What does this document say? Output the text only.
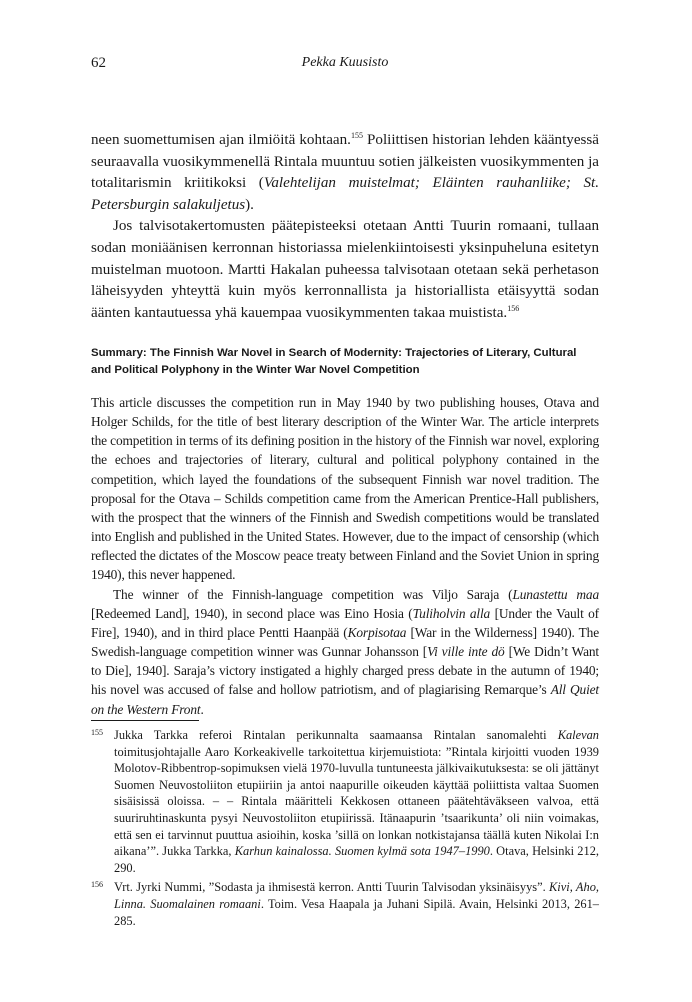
62	Pekka Kuusisto

neen suomettumisen ajan ilmiöitä kohtaan.$^{155}$ Poliittisen historian lehden kääntyessä seuraavalla vuosikymmenellä Rintala muuntuu sotien jälkeisten vuosikymmenten ja totalitarismin kriitikoksi (Valehtelijan muistelmat; Eläinten rauhanliike; St. Petersburgin salakuljetus).

Jos talvisotakertomusten päätepisteeksi otetaan Antti Tuurin romaani, tullaan sodan moniäänisen kerronnan historiassa mielenkiintoisesti yksinpuheluna esitetyn muistelman muotoon. Martti Hakalan puheessa talvisotaan otetaan sekä perhetason läheisyyden yhteyttä kuin myös kerronnallista ja historiallista etäisyyttä sodan äänten kantautuessa yhä kauempaa vuosikymmenten takaa muistista.$^{156}$

Summary: The Finnish War Novel in Search of Modernity: Trajectories of Literary, Cultural and Political Polyphony in the Winter War Novel Competition

This article discusses the competition run in May 1940 by two publishing houses, Otava and Holger Schilds, for the title of best literary description of the Winter War. The article interprets the competition in terms of its defining position in the history of the Finnish war novel, exploring the echoes and trajectories of literary, cultural and political polyphony contained in the competition, which layed the foundations of the subsequent Finnish war novel tradition. The proposal for the Otava – Schilds competition came from the American Prentice-Hall publishers, with the prospect that the winners of the Finnish and Swedish competitions would be translated into English and published in the United States. However, due to the impact of censorship (which reflected the dictates of the Moscow peace treaty between Finland and the Soviet Union in spring 1940), this never happened.

The winner of the Finnish-language competition was Viljo Saraja (Lunastettu maa [Redeemed Land], 1940), in second place was Eino Hosia (Tuliholvin alla [Under the Vault of Fire], 1940), and in third place Pentti Haanpää (Korpisotaa [War in the Wilderness] 1940). The Swedish-language competition winner was Gunnar Johansson [Vi ville inte dö [We Didn’t Want to Die], 1940]. Saraja’s victory instigated a highly charged press debate in the autumn of 1940; his novel was accused of false and hollow patriotism, and of plagiarising Remarque’s All Quiet on the Western Front.

155 Jukka Tarkka referoi Rintalan perikunnalta saamaansa Rintalan sanomalehti Kalevan toimitusjohtajalle Aaro Korkeakivelle tarkoitettua kirjemuistiota: ”Rintala kirjoitti vuoden 1939 Molotov-Ribbentrop-sopimuksen vielä 1970-luvulla tuntuneesta jälkivaikutuksesta: se oli jättänyt Suomen Neuvostoliiton etupiiriin ja antoi naapurille oikeuden käyttää poliittista valtaa Suomen sisäisissä oloissa. – – Rintala määritteli Kekkosen ottaneen päätehtäväkseen valvoa, että suuriruhtinaskunta pysyi Neuvostoliiton etupiirissä. Itänaapurin ’tsaarikunta’ oli niin voimakas, että sen ei tarvinnut puuttua asioihin, koska ’sillä on lonkan notkistajansa täällä kuten Nikolai I:n aikana’”. Jukka Tarkka, Karhun kainalossa. Suomen kylmä sota 1947–1990. Otava, Helsinki 212, 290.
156 Vrt. Jyrki Nummi, ”Sodasta ja ihmisestä kerron. Antti Tuurin Talvisodan yksinäisyys”. Kivi, Aho, Linna. Suomalainen romaani. Toim. Vesa Haapala ja Juhani Sipilä. Avain, Helsinki 2013, 261–285.
